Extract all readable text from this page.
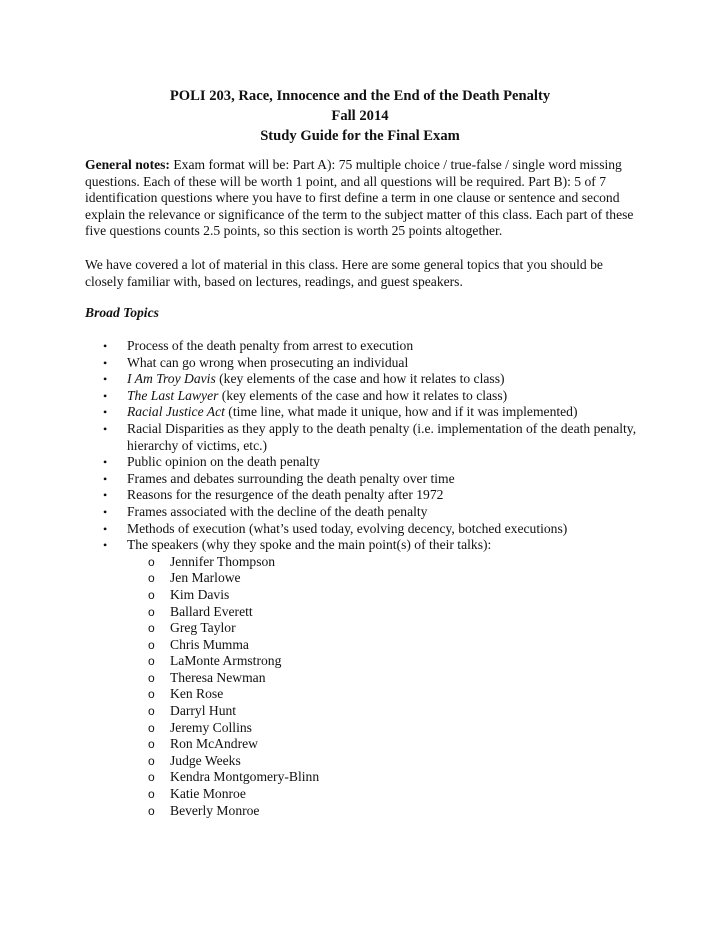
POLI 203, Race, Innocence and the End of the Death Penalty
Fall 2014
Study Guide for the Final Exam

General notes: Exam format will be: Part A): 75 multiple choice / true-false / single word missing questions. Each of these will be worth 1 point, and all questions will be required. Part B): 5 of 7 identification questions where you have to first define a term in one clause or sentence and second explain the relevance or significance of the term to the subject matter of this class. Each part of these five questions counts 2.5 points, so this section is worth 25 points altogether.

We have covered a lot of material in this class. Here are some general topics that you should be closely familiar with, based on lectures, readings, and guest speakers.

Broad Topics

• Process of the death penalty from arrest to execution
• What can go wrong when prosecuting an individual
• I Am Troy Davis (key elements of the case and how it relates to class)
• The Last Lawyer (key elements of the case and how it relates to class)
• Racial Justice Act (time line, what made it unique, how and if it was implemented)
• Racial Disparities as they apply to the death penalty (i.e. implementation of the death penalty, hierarchy of victims, etc.)
• Public opinion on the death penalty
• Frames and debates surrounding the death penalty over time
• Reasons for the resurgence of the death penalty after 1972
• Frames associated with the decline of the death penalty
• Methods of execution (what’s used today, evolving decency, botched executions)
• The speakers (why they spoke and the main point(s) of their talks):
o Jennifer Thompson
o Jen Marlowe
o Kim Davis
o Ballard Everett
o Greg Taylor
o Chris Mumma
o LaMonte Armstrong
o Theresa Newman
o Ken Rose
o Darryl Hunt
o Jeremy Collins
o Ron McAndrew
o Judge Weeks
o Kendra Montgomery-Blinn
o Katie Monroe
o Beverly Monroe
